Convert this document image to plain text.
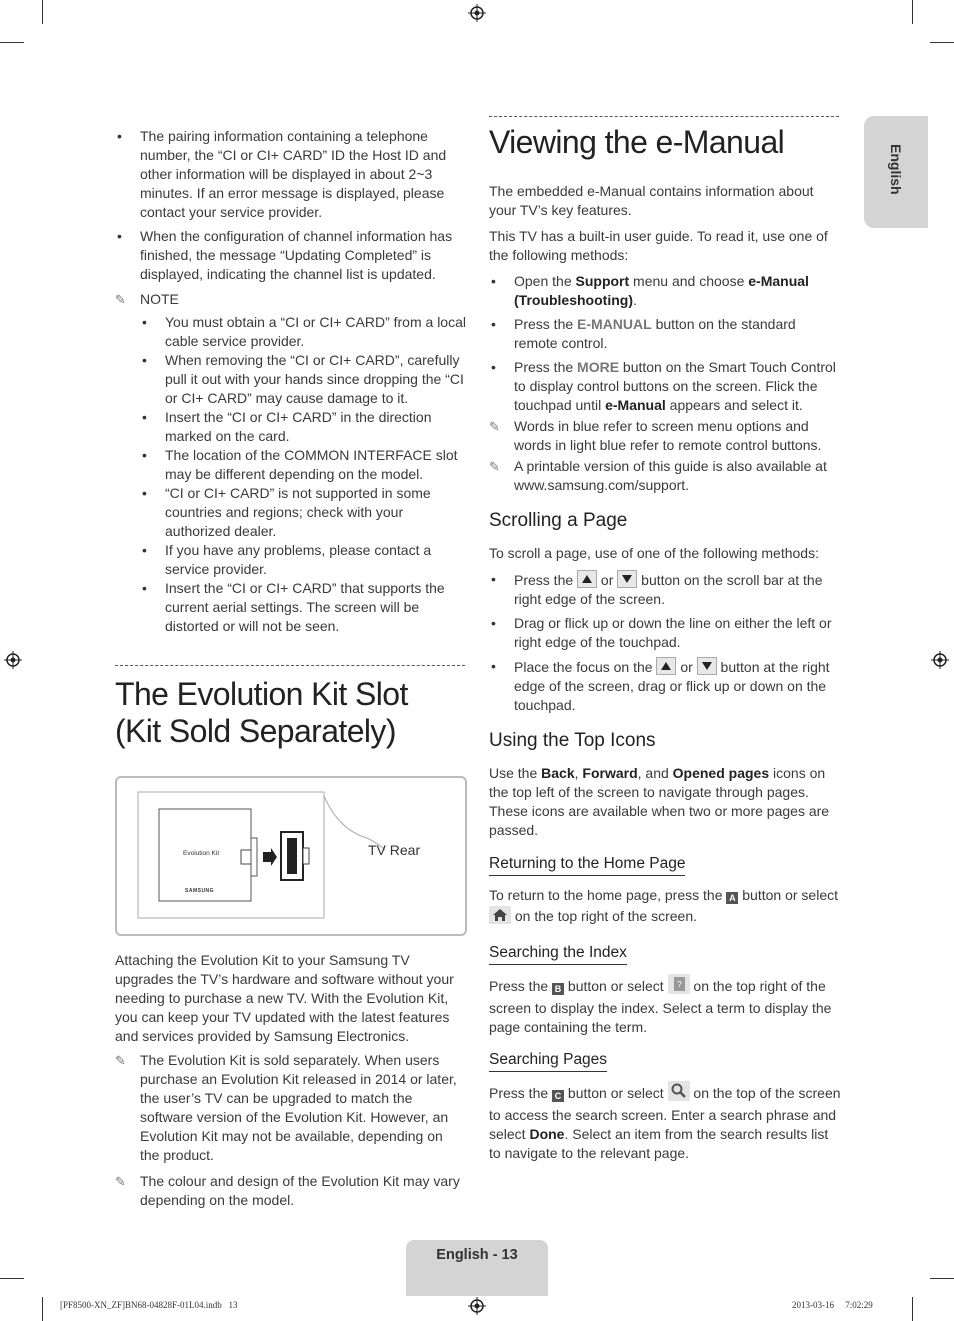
English

• The pairing information containing a telephone number, the “CI or CI+ CARD” ID the Host ID and other information will be displayed in about 2~3 minutes. If an error message is displayed, please contact your service provider.

• When the configuration of channel information has finished, the message “Updating Completed” is displayed, indicating the channel list is updated.

✎	NOTE

• You must obtain a “CI or CI+ CARD” from a local cable service provider.

• When removing the “CI or CI+ CARD”, carefully pull it out with your hands since dropping the “CI or CI+ CARD” may cause damage to it.

• Insert the “CI or CI+ CARD” in the direction marked on the card.

• The location of the COMMON INTERFACE slot may be different depending on the model.

• “CI or CI+ CARD” is not supported in some countries and regions; check with your authorized dealer.

• If you have any problems, please contact a service provider.

• Insert the “CI or CI+ CARD” that supports the current aerial settings. The screen will be distorted or will not be seen.

The Evolution Kit Slot
(Kit Sold Separately)
Evolution Kit
SAMSUNG
TV Rear

Attaching the Evolution Kit to your Samsung TV upgrades the TV’s hardware and software without your needing to purchase a new TV. With the Evolution Kit, you can keep your TV updated with the latest features and services provided by Samsung Electronics.

✎	The Evolution Kit is sold separately. When users purchase an Evolution Kit released in 2014 or later, the user’s TV can be upgraded to match the software version of the Evolution Kit. However, an Evolution Kit may not be available, depending on the product.
✎	The colour and design of the Evolution Kit may vary depending on the model.
Viewing the e-Manual

The embedded e-Manual contains information about your TV’s key features.

This TV has a built-in user guide. To read it, use one of the following methods:

• Open the Support menu and choose e-Manual (Troubleshooting).

• Press the E-MANUAL button on the standard remote control.

• Press the MORE button on the Smart Touch Control to display control buttons on the screen. Flick the touchpad until e-Manual appears and select it.

✎	Words in blue refer to screen menu options and words in light blue refer to remote control buttons.
✎	A printable version of this guide is also available at www.samsung.com/support.
Scrolling a Page

To scroll a page, use of one of the following methods:

• Press the
or
button on the scroll bar at the right edge of the screen.

• Drag or flick up or down the line on either the left or right edge of the touchpad.

• Place the focus on the
or
button at the right edge of the screen, drag or flick up or down on the touchpad.

Using the Top Icons

Use the Back, Forward, and Opened pages icons on the top left of the screen to navigate through pages. These icons are available when two or more pages are passed.

Returning to the Home Page

To return to the home page, press the A button or select  on the top right of the screen.

Searching the Index

Press the B button or select ? on the top right of the screen to display the index. Select a term to display the page containing the term.

Searching Pages

Press the C button or select  on the top of the screen to access the search screen. Enter a search phrase and select Done. Select an item from the search results list to navigate to the relevant page.

English - 13
[PF8500-XN_ZF]BN68-04828F-01L04.indb   13	2013-03-16     7:02:29
